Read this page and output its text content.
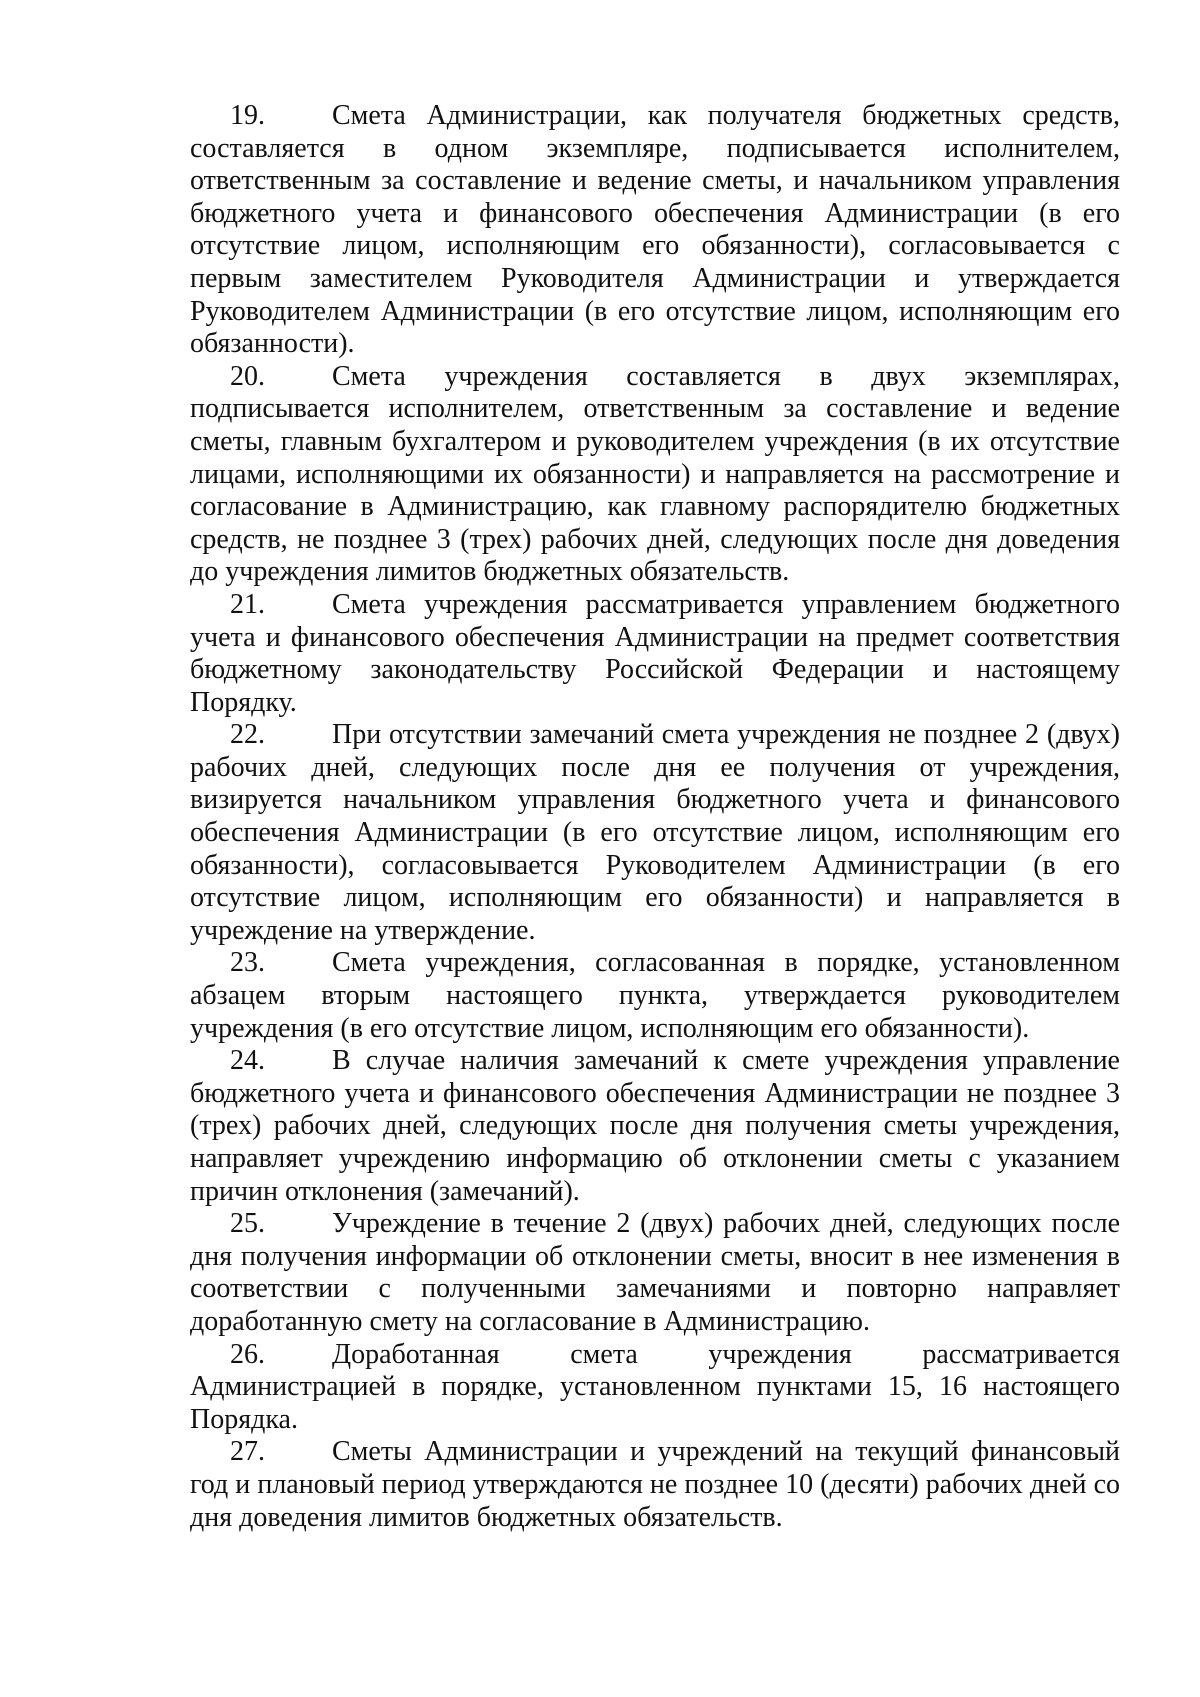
19. Смета Администрации, как получателя бюджетных средств, составляется в одном экземпляре, подписывается исполнителем, ответственным за составление и ведение сметы, и начальником управления бюджетного учета и финансового обеспечения Администрации (в его отсутствие лицом, исполняющим его обязанности), согласовывается с первым заместителем Руководителя Администрации и утверждается Руководителем Администрации (в его отсутствие лицом, исполняющим его обязанности).

20. Смета учреждения составляется в двух экземплярах, подписывается исполнителем, ответственным за составление и ведение сметы, главным бухгалтером и руководителем учреждения (в их отсутствие лицами, исполняющими их обязанности) и направляется на рассмотрение и согласование в Администрацию, как главному распорядителю бюджетных средств, не позднее 3 (трех) рабочих дней, следующих после дня доведения до учреждения лимитов бюджетных обязательств.

21. Смета учреждения рассматривается управлением бюджетного учета и финансового обеспечения Администрации на предмет соответствия бюджетному законодательству Российской Федерации и настоящему Порядку.

22. При отсутствии замечаний смета учреждения не позднее 2 (двух) рабочих дней, следующих после дня ее получения от учреждения, визируется начальником управления бюджетного учета и финансового обеспечения Администрации (в его отсутствие лицом, исполняющим его обязанности), согласовывается Руководителем Администрации (в его отсутствие лицом, исполняющим его обязанности) и направляется в учреждение на утверждение.

23. Смета учреждения, согласованная в порядке, установленном абзацем вторым настоящего пункта, утверждается руководителем учреждения (в его отсутствие лицом, исполняющим его обязанности).

24. В случае наличия замечаний к смете учреждения управление бюджетного учета и финансового обеспечения Администрации не позднее 3 (трех) рабочих дней, следующих после дня получения сметы учреждения, направляет учреждению информацию об отклонении сметы с указанием причин отклонения (замечаний).

25. Учреждение в течение 2 (двух) рабочих дней, следующих после дня получения информации об отклонении сметы, вносит в нее изменения в соответствии с полученными замечаниями и повторно направляет доработанную смету на согласование в Администрацию.

26. Доработанная смета учреждения рассматривается Администрацией в порядке, установленном пунктами 15, 16 настоящего Порядка.

27. Сметы Администрации и учреждений на текущий финансовый год и плановый период утверждаются не позднее 10 (десяти) рабочих дней со дня доведения лимитов бюджетных обязательств.
